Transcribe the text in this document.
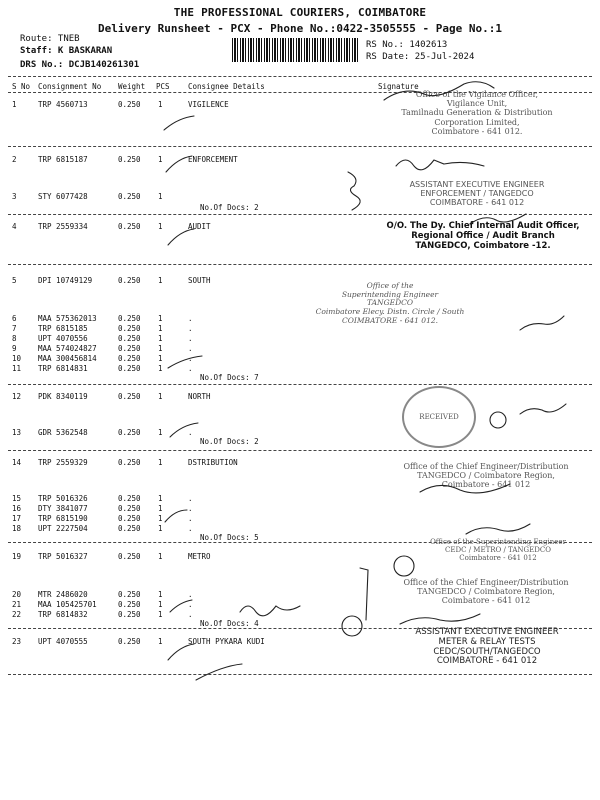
THE PROFESSIONAL COURIERS, COIMBATORE
Delivery Runsheet - PCX - Phone No.:0422-3505555 - Page No.:1
Route: TNEB
Staff: K BASKARAN
DRS No.: DCJB140261301
RS No.: 1402613
RS Date: 25-Jul-2024
S No Consignment No Weight PCS Consignee Details	Signature
1	TRP 4560713	0.250 1	VIGILENCE
2	TRP 6815187	0.250 1	ENFORCEMENT
3	STY 6077428	0.250 1
4	TRP 2559334	0.250 1	AUDIT
5	DPI 10749129	0.250 1	SOUTH
6	MAA 575362013	0.250 1	.
7	TRP 6815185	0.250 1	.
8	UPT 4070556	0.250 1	.
9	MAA 574024827	0.250 1	.
10 MAA 300456814	0.250 1	.
11 TRP 6814831	0.250 1	.
12 PDK 8340119	0.250 1	NORTH
13 GDR 5362548	0.250 1	.
14 TRP 2559329	0.250 1	DSTRIBUTION
15 TRP 5016326	0.250 1	.
16 DTY 3841077	0.250 1	.
17 TRP 6815190	0.250 1	.
18 UPT 2227504	0.250 1	.
19 TRP 5016327	0.250 1	METRO
20 MTR 2486020	0.250 1	.
21 MAA 105425701	0.250 1	.
22 TRP 6814832	0.250 1	.
23 UPT 4070555	0.250 1	SOUTH PYKARA KUDI
No.Of Docs: 2
No.Of Docs: 7
No.Of Docs: 2
No.Of Docs: 5
No.Of Docs: 4
Office of the Vigilance Officer,
Vigilance Unit,
Tamilnadu Generation & Distribution
Corporation Limited,
Coimbatore - 641 012.
ASSISTANT EXECUTIVE ENGINEER
ENFORCEMENT / TANGEDCO
COIMBATORE - 641 012
O/O. The Dy. Chief Internal Audit Officer,
Regional Office / Audit Branch
TANGEDCO, Coimbatore -12.
Office of the
Superintending Engineer
TANGEDCO
Coimbatore Elecy. Distn. Circle / South
COIMBATORE - 641 012.
RECEIVED
Office of the Chief Engineer/Distribution
TANGEDCO / Coimbatore Region,
Coimbatore - 641 012
Office of the Superintending Engineer
CEDC / METRO / TANGEDCO
Coimbatore - 641 012
Office of the Chief Engineer/Distribution
TANGEDCO / Coimbatore Region,
Coimbatore - 641 012
ASSISTANT EXECUTIVE ENGINEER
METER & RELAY TESTS
CEDC/SOUTH/TANGEDCO
COIMBATORE - 641 012
